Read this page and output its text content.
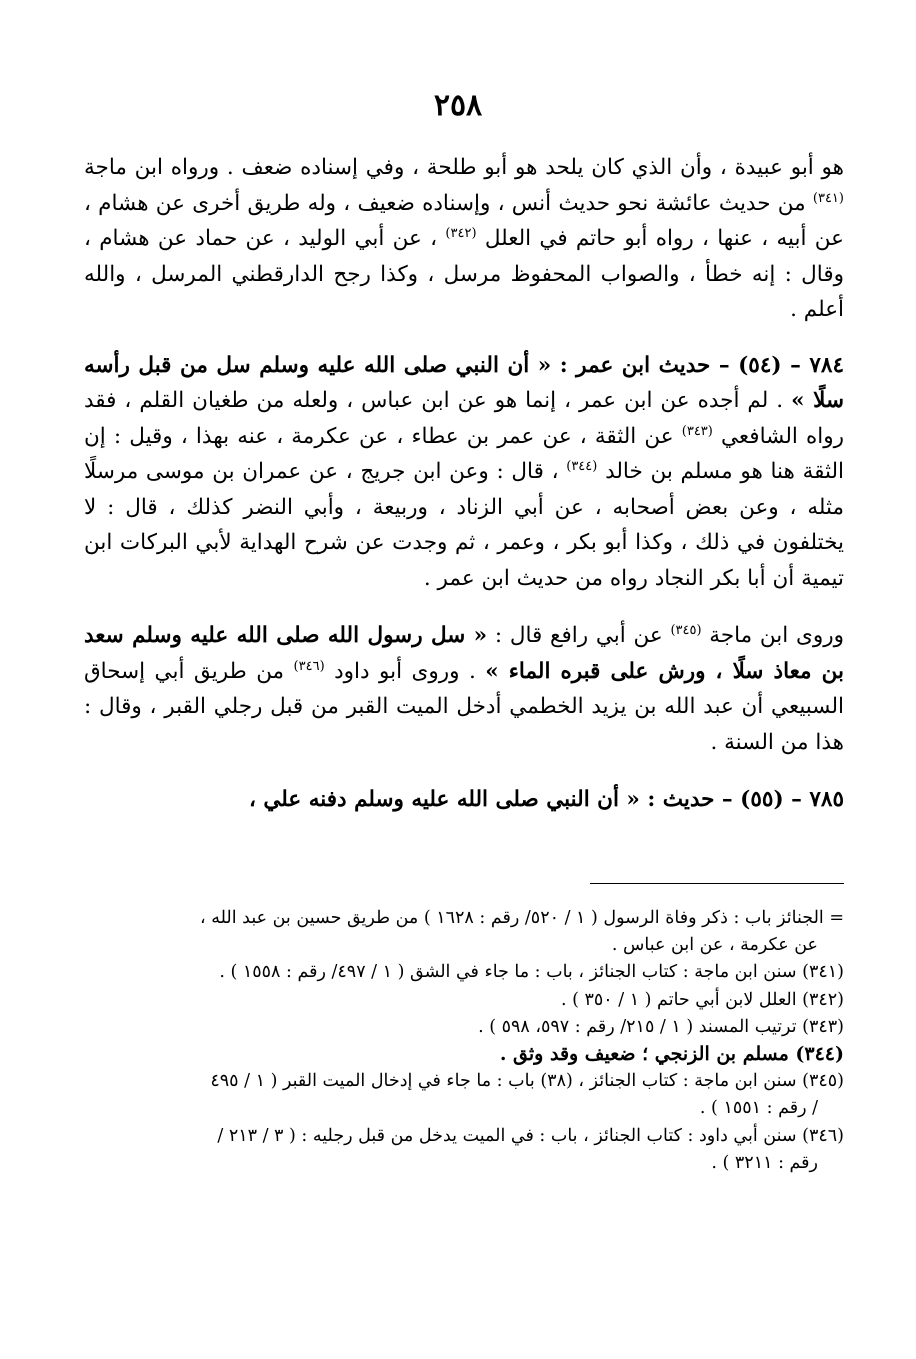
٢٥٨

هو أبو عبيدة ، وأن الذي كان يلحد هو أبو طلحة ، وفي إسناده ضعف . ورواه ابن ماجة $^{(٣٤١)}$ من حديث عائشة نحو حديث أنس ، وإسناده ضعيف ، وله طريق أخرى عن هشام ، عن أبيه ، عنها ، رواه أبو حاتم في العلل $^{(٣٤٢)}$ ، عن أبي الوليد ، عن حماد عن هشام ، وقال : إنه خطأ ، والصواب المحفوظ مرسل ، وكذا رجح الدارقطني المرسل ، والله أعلم .

٧٨٤ – (٥٤) – حديث ابن عمر : « أن النبي صلى الله عليه وسلم سل من قبل رأسه سلًا » . لم أجده عن ابن عمر ، إنما هو عن ابن عباس ، ولعله من طغيان القلم ، فقد رواه الشافعي $^{(٣٤٣)}$ عن الثقة ، عن عمر بن عطاء ، عن عكرمة ، عنه بهذا ، وقيل : إن الثقة هنا هو مسلم بن خالد $^{(٣٤٤)}$ ، قال : وعن ابن جريج ، عن عمران بن موسى مرسلًا مثله ، وعن بعض أصحابه ، عن أبي الزناد ، وربيعة ، وأبي النضر كذلك ، قال : لا يختلفون في ذلك ، وكذا أبو بكر ، وعمر ، ثم وجدت عن شرح الهداية لأبي البركات ابن تيمية أن أبا بكر النجاد رواه من حديث ابن عمر .

وروى ابن ماجة $^{(٣٤٥)}$ عن أبي رافع قال : « سل رسول الله صلى الله عليه وسلم سعد بن معاذ سلًا ، ورش على قبره الماء » . وروى أبو داود $^{(٣٤٦)}$ من طريق أبي إسحاق السبيعي أن عبد الله بن يزيد الخطمي أدخل الميت القبر من قبل رجلي القبر ، وقال : هذا من السنة .

٧٨٥ – (٥٥) – حديث : « أن النبي صلى الله عليه وسلم دفنه علي ،

= الجنائز باب : ذكر وفاة الرسول ( ١ / ٥٢٠/ رقم : ١٦٢٨ ) من طريق حسين بن عبد الله ،
عن عكرمة ، عن ابن عباس .

(٣٤١) سنن ابن ماجة : كتاب الجنائز ، باب : ما جاء في الشق ( ١ / ٤٩٧/ رقم : ١٥٥٨ ) .

(٣٤٢) العلل لابن أبي حاتم ( ١ / ٣٥٠ ) .

(٣٤٣) ترتيب المسند ( ١ / ٢١٥/ رقم : ٥٩٧، ٥٩٨ ) .

(٣٤٤) مسلم بن الزنجي ؛ ضعيف وقد وثق .

(٣٤٥) سنن ابن ماجة : كتاب الجنائز ، (٣٨) باب : ما جاء في إدخال الميت القبر ( ١ / ٤٩٥
/ رقم : ١٥٥١ ) .

(٣٤٦) سنن أبي داود : كتاب الجنائز ، باب : في الميت يدخل من قبل رجليه : ( ٣ / ٢١٣ /
رقم : ٣٢١١ ) .
